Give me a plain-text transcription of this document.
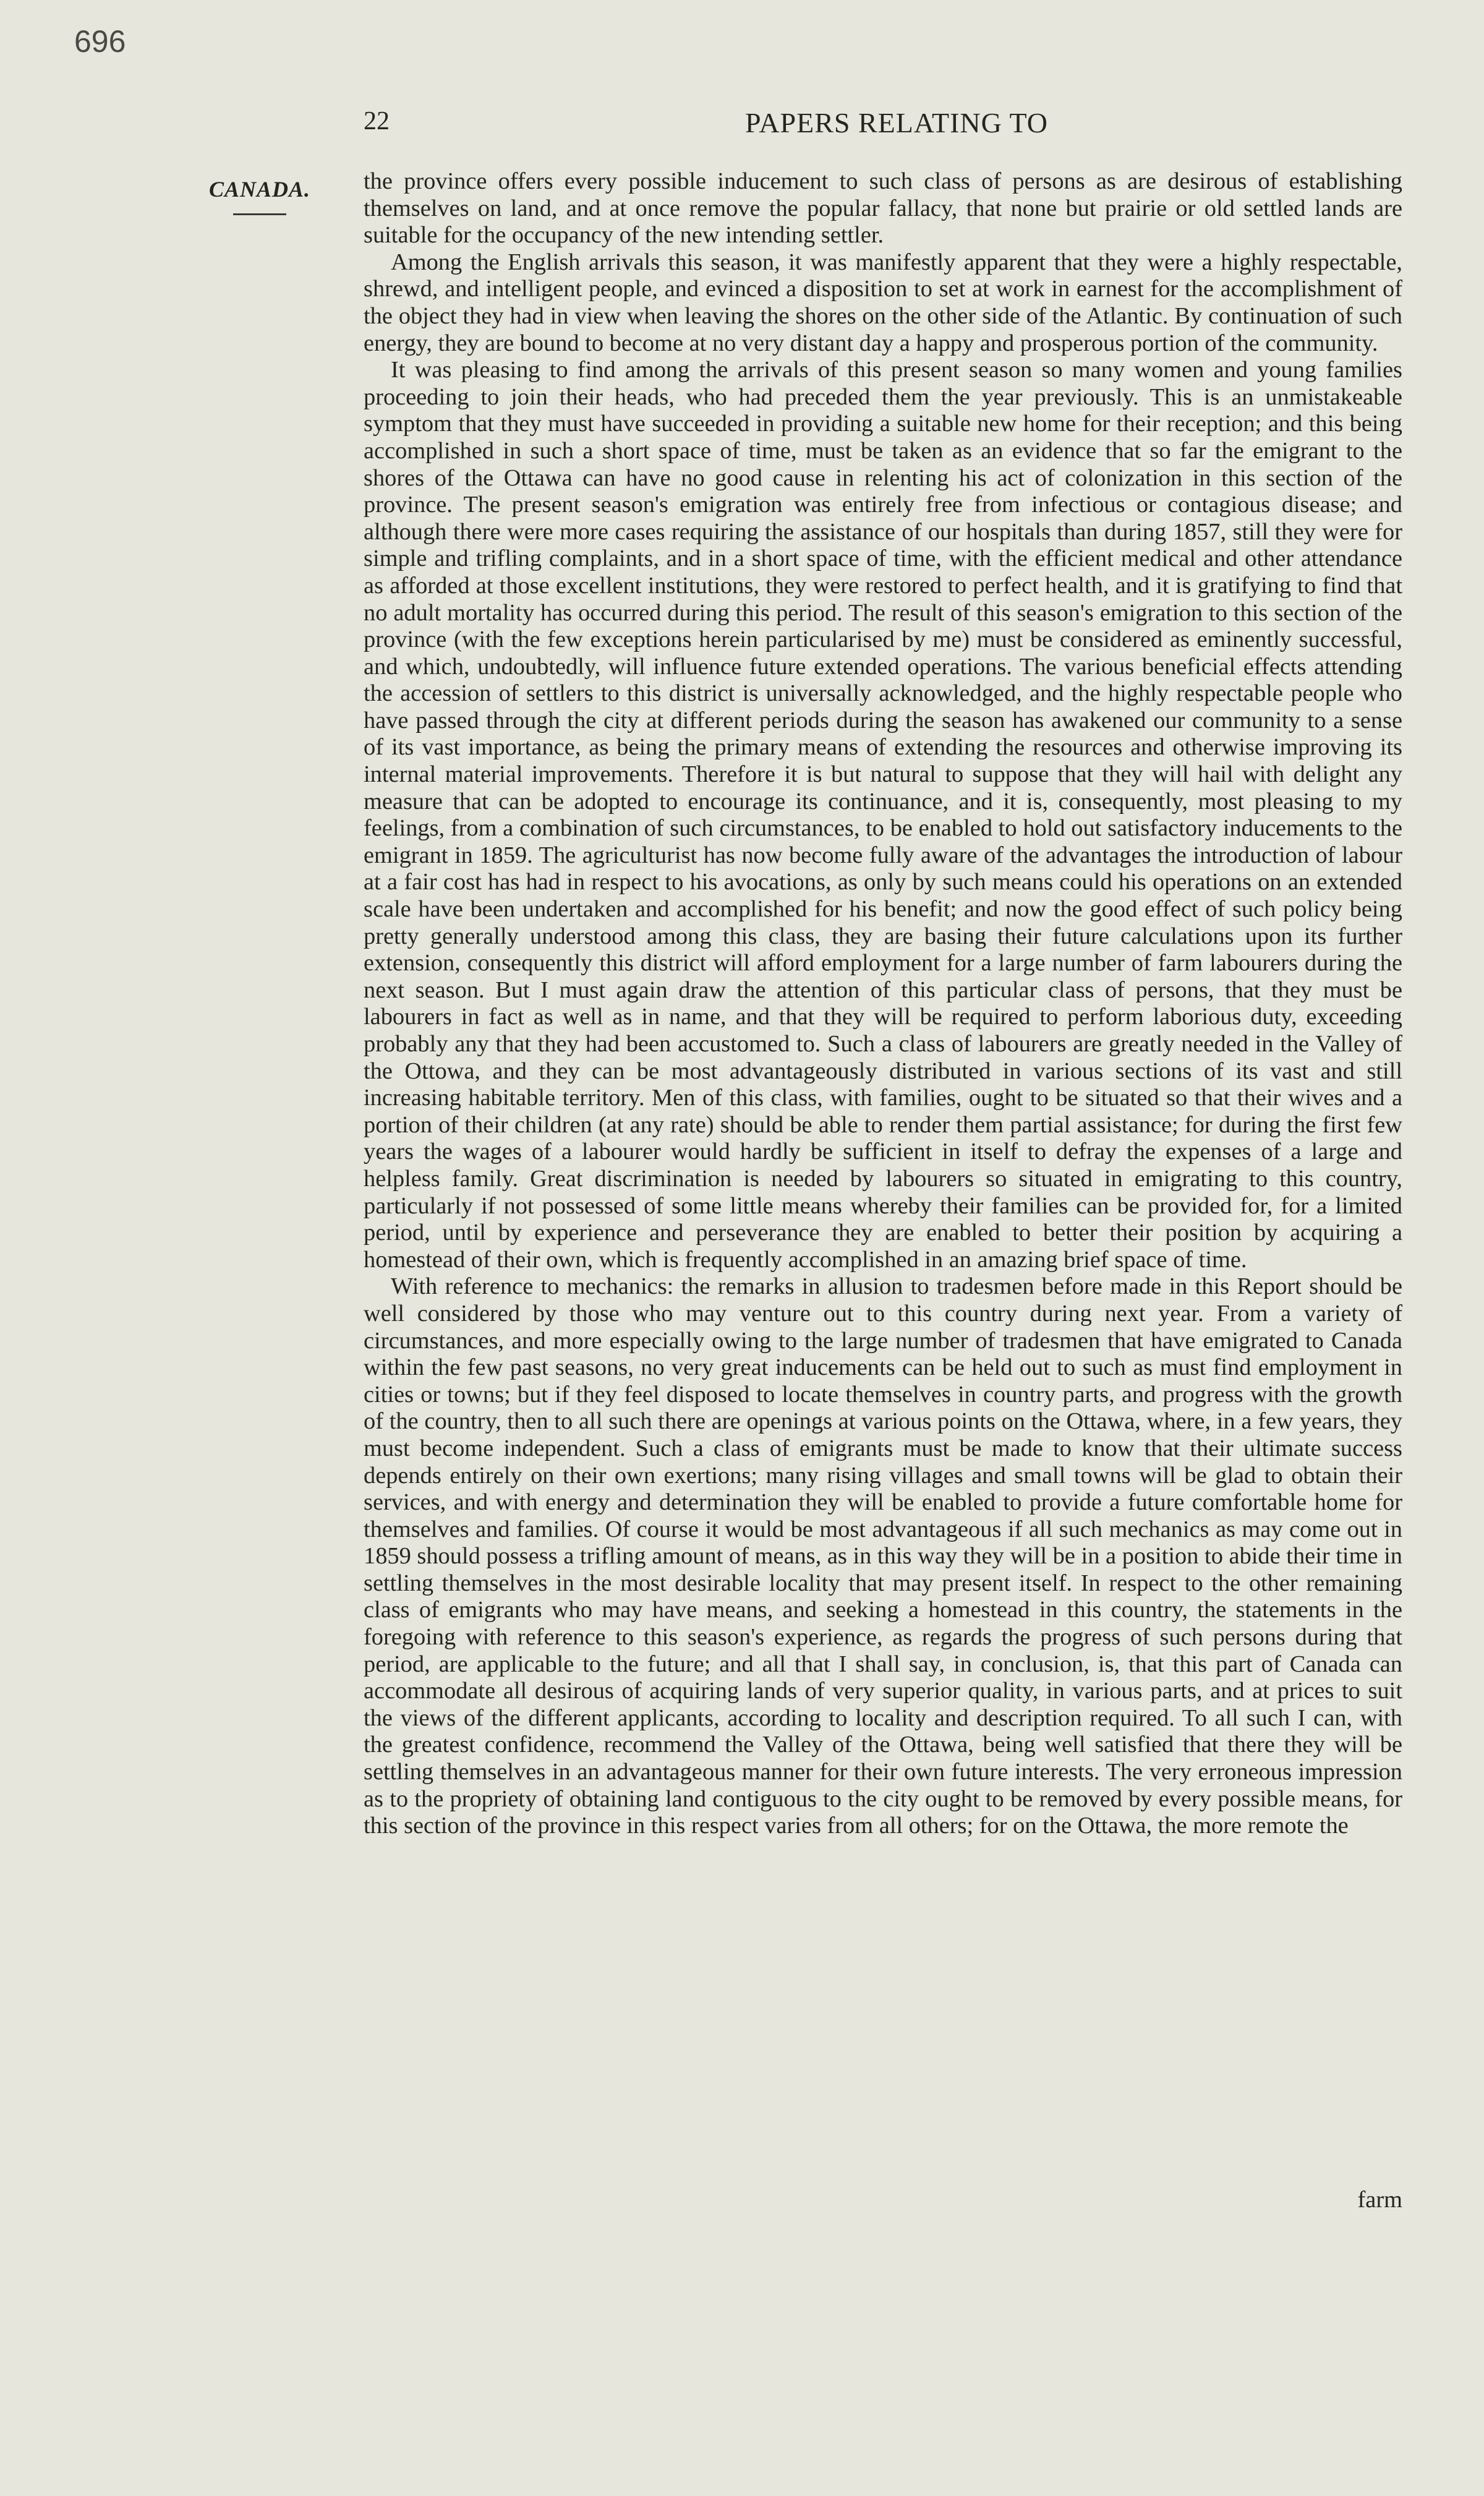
696
22	PAPERS RELATING TO
CANADA.	the province offers every possible inducement to such class of persons as are desirous of establishing themselves on land, and at once remove the popular fallacy, that none but prairie or old settled lands are suitable for the occupancy of the new intending settler.

Among the English arrivals this season, it was manifestly apparent that they were a highly respectable, shrewd, and intelligent people, and evinced a disposition to set at work in earnest for the accomplishment of the object they had in view when leaving the shores on the other side of the Atlantic. By continuation of such energy, they are bound to become at no very distant day a happy and prosperous portion of the community.

It was pleasing to find among the arrivals of this present season so many women and young families proceeding to join their heads, who had preceded them the year previously. This is an unmistakeable symptom that they must have succeeded in providing a suitable new home for their reception; and this being accomplished in such a short space of time, must be taken as an evidence that so far the emigrant to the shores of the Ottawa can have no good cause in relenting his act of colonization in this section of the province. The present season's emigration was entirely free from infectious or contagious disease; and although there were more cases requiring the assistance of our hospitals than during 1857, still they were for simple and trifling complaints, and in a short space of time, with the efficient medical and other attendance as afforded at those excellent institutions, they were restored to perfect health, and it is gratifying to find that no adult mortality has occurred during this period. The result of this season's emigration to this section of the province (with the few exceptions herein particularised by me) must be considered as eminently successful, and which, undoubtedly, will influence future extended operations. The various beneficial effects attending the accession of settlers to this district is universally acknowledged, and the highly respectable people who have passed through the city at different periods during the season has awakened our community to a sense of its vast importance, as being the primary means of extending the resources and otherwise improving its internal material improvements. Therefore it is but natural to suppose that they will hail with delight any measure that can be adopted to encourage its continuance, and it is, consequently, most pleasing to my feelings, from a combination of such circumstances, to be enabled to hold out satisfactory inducements to the emigrant in 1859. The agriculturist has now become fully aware of the advantages the introduction of labour at a fair cost has had in respect to his avocations, as only by such means could his operations on an extended scale have been undertaken and accomplished for his benefit; and now the good effect of such policy being pretty generally understood among this class, they are basing their future calculations upon its further extension, consequently this district will afford employment for a large number of farm labourers during the next season. But I must again draw the attention of this particular class of persons, that they must be labourers in fact as well as in name, and that they will be required to perform laborious duty, exceeding probably any that they had been accustomed to. Such a class of labourers are greatly needed in the Valley of the Ottowa, and they can be most advantageously distributed in various sections of its vast and still increasing habitable territory. Men of this class, with families, ought to be situated so that their wives and a portion of their children (at any rate) should be able to render them partial assistance; for during the first few years the wages of a labourer would hardly be sufficient in itself to defray the expenses of a large and helpless family. Great discrimination is needed by labourers so situated in emigrating to this country, particularly if not possessed of some little means whereby their families can be provided for, for a limited period, until by experience and perseverance they are enabled to better their position by acquiring a homestead of their own, which is frequently accomplished in an amazing brief space of time.

With reference to mechanics: the remarks in allusion to tradesmen before made in this Report should be well considered by those who may venture out to this country during next year. From a variety of circumstances, and more especially owing to the large number of tradesmen that have emigrated to Canada within the few past seasons, no very great inducements can be held out to such as must find employment in cities or towns; but if they feel disposed to locate themselves in country parts, and progress with the growth of the country, then to all such there are openings at various points on the Ottawa, where, in a few years, they must become independent. Such a class of emigrants must be made to know that their ultimate success depends entirely on their own exertions; many rising villages and small towns will be glad to obtain their services, and with energy and determination they will be enabled to provide a future comfortable home for themselves and families. Of course it would be most advantageous if all such mechanics as may come out in 1859 should possess a trifling amount of means, as in this way they will be in a position to abide their time in settling themselves in the most desirable locality that may present itself. In respect to the other remaining class of emigrants who may have means, and seeking a homestead in this country, the statements in the foregoing with reference to this season's experience, as regards the progress of such persons during that period, are applicable to the future; and all that I shall say, in conclusion, is, that this part of Canada can accommodate all desirous of acquiring lands of very superior quality, in various parts, and at prices to suit the views of the different applicants, according to locality and description required. To all such I can, with the greatest confidence, recommend the Valley of the Ottawa, being well satisfied that there they will be settling themselves in an advantageous manner for their own future interests. The very erroneous impression as to the propriety of obtaining land contiguous to the city ought to be removed by every possible means, for this section of the province in this respect varies from all others; for on the Ottawa, the more remote the

farm
